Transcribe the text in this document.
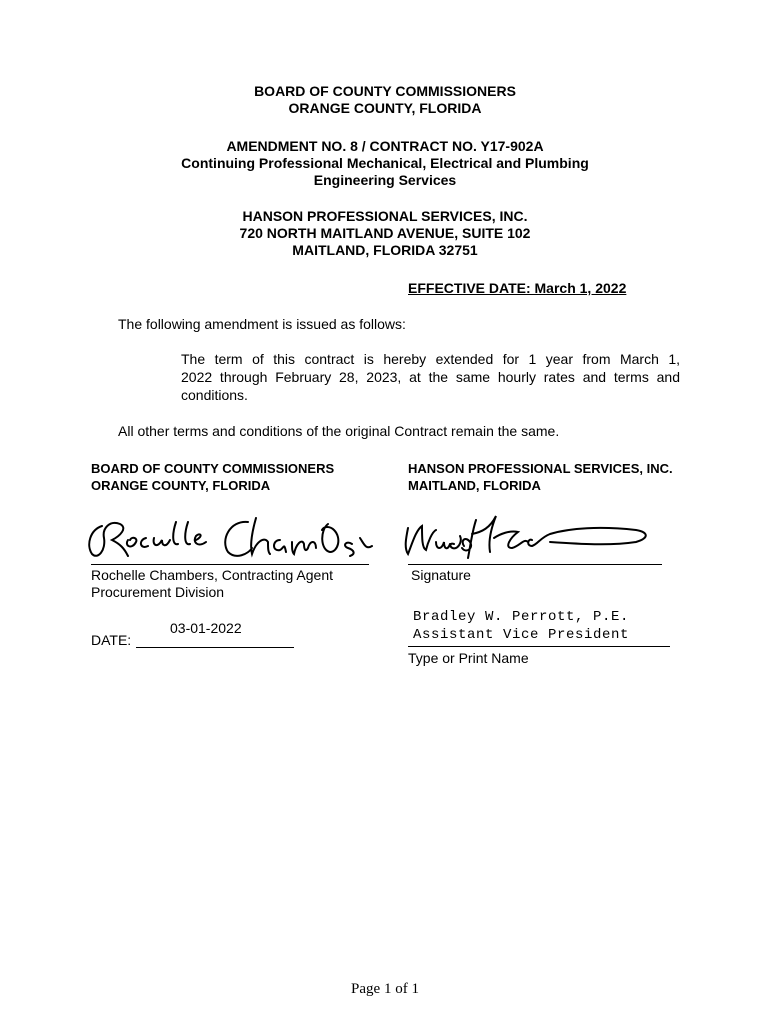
BOARD OF COUNTY COMMISSIONERS
ORANGE COUNTY, FLORIDA
AMENDMENT NO. 8 / CONTRACT NO. Y17-902A
Continuing Professional Mechanical, Electrical and Plumbing
Engineering Services
HANSON PROFESSIONAL SERVICES, INC.
720 NORTH MAITLAND AVENUE, SUITE 102
MAITLAND, FLORIDA 32751
EFFECTIVE DATE: March 1, 2022
The following amendment is issued as follows:
The term of this contract is hereby extended for 1 year from March 1,
2022 through February 28, 2023, at the same hourly rates and terms and
conditions.
All other terms and conditions of the original Contract remain the same.
BOARD OF COUNTY COMMISSIONERS
ORANGE COUNTY, FLORIDA
Rochelle Chambers, Contracting Agent
Procurement Division
03-01-2022
DATE:
HANSON PROFESSIONAL SERVICES, INC.
MAITLAND, FLORIDA
Signature
Bradley W. Perrott, P.E.
Assistant Vice President
Type or Print Name
Page 1 of 1
